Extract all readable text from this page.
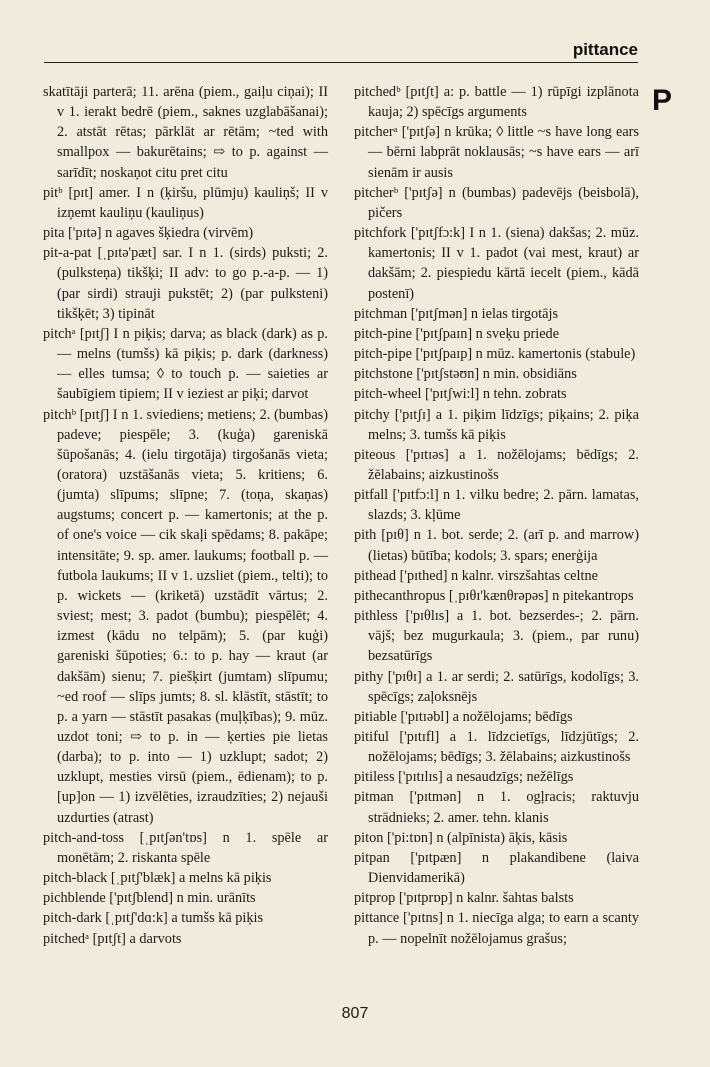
pittance
P
skatītāji parterā; 11. arēna (piem., gaiļu ciņai); II v 1. ierakt bedrē (piem., saknes uzglabāšanai); 2. atstāt rētas; pārklāt ar rētām; ~ted with smallpox — bakurētains; ⇨ to p. against — sarīdīt; noskaņot citu pret citu
pitᵇ [pɪt] amer. I n (ķiršu, plūmju) kauliņš; II v izņemt kauliņu (kauliņus)
pita ['pɪtə] n agaves šķiedra (virvēm)
pit-a-pat [ˌpɪtə'pæt] sar. I n 1. (sirds) puksti; 2. (pulksteņa) tikšķi; II adv: to go p.-a-p. — 1) (par sirdi) strauji pukstēt; 2) (par pulksteni) tikšķēt; 3) tipināt
pitchᵃ [pɪtʃ] I n piķis; darva; as black (dark) as p. — melns (tumšs) kā piķis; p. dark (darkness) — elles tumsa; ◊ to touch p. — saieties ar šaubīgiem tipiem; II v ieziest ar piķi; darvot
pitchᵇ [pɪtʃ] I n 1. sviediens; metiens; 2. (bumbas) padeve; piespēle; 3. (kuģa) gareniskā šūpošanās; 4. (ielu tirgotāja) tirgošanās vieta; (oratora) uzstāšanās vieta; 5. kritiens; 6. (jumta) slīpums; slīpne; 7. (toņa, skaņas) augstums; concert p. — kamertonis; at the p. of one's voice — cik skaļi spēdams; 8. pakāpe; intensitāte; 9. sp. amer. laukums; football p. — futbola laukums; II v 1. uzsliet (piem., telti); to p. wickets — (kriketā) uzstādīt vārtus; 2. sviest; mest; 3. padot (bumbu); piespēlēt; 4. izmest (kādu no telpām); 5. (par kuģi) gareniski šūpoties; 6.: to p. hay — kraut (ar dakšām) sienu; 7. piešķirt (jumtam) slīpumu; ~ed roof — slīps jumts; 8. sl. klāstīt, stāstīt; to p. a yarn — stāstīt pasakas (muļķības); 9. mūz. uzdot toni; ⇨ to p. in — ķerties pie lietas (darba); to p. into — 1) uzklupt; sadot; 2) uzklupt, mesties virsū (piem., ēdienam); to p. [up]on — 1) izvēlēties, izraudzīties; 2) nejauši uzdurties (atrast)
pitch-and-toss [ˌpɪtʃən'tɒs] n 1. spēle ar monētām; 2. riskanta spēle
pitch-black [ˌpɪtʃ'blæk] a melns kā piķis
pichblende ['pɪtʃblend] n min. urānīts
pitch-dark [ˌpɪtʃ'dɑ:k] a tumšs kā piķis
pitchedᵃ [pɪtʃt] a darvots
pitchedᵇ [pɪtʃt] a: p. battle — 1) rūpīgi izplānota kauja; 2) spēcīgs arguments
pitcherᵃ ['pɪtʃə] n krūka; ◊ little ~s have long ears — bērni labprāt noklausās; ~s have ears — arī sienām ir ausis
pitcherᵇ ['pɪtʃə] n (bumbas) padevējs (beisbolā), pičers
pitchfork ['pɪtʃfɔ:k] I n 1. (siena) dakšas; 2. mūz. kamertonis; II v 1. padot (vai mest, kraut) ar dakšām; 2. piespiedu kārtā iecelt (piem., kādā postenī)
pitchman ['pɪtʃmən] n ielas tirgotājs
pitch-pine ['pɪtʃpaɪn] n sveķu priede
pitch-pipe ['pɪtʃpaɪp] n mūz. kamertonis (stabule)
pitchstone ['pɪtʃstəʊn] n min. obsidiāns
pitch-wheel ['pɪtʃwi:l] n tehn. zobrats
pitchy ['pɪtʃɪ] a 1. piķim līdzīgs; piķains; 2. piķa melns; 3. tumšs kā piķis
piteous ['pɪtɪəs] a 1. nožēlojams; bēdīgs; 2. žēlabains; aizkustinošs
pitfall ['pɪtfɔ:l] n 1. vilku bedre; 2. pārn. lamatas, slazds; 3. kļūme
pith [pɪθ] n 1. bot. serde; 2. (arī p. and marrow) (lietas) būtība; kodols; 3. spars; enerģija
pithead ['pɪthed] n kalnr. virszšahtas celtne
pithecanthropus [ˌpɪθɪ'kænθrəpəs] n pitekantrops
pithless ['pɪθlɪs] a 1. bot. bezserdes-; 2. pārn. vājš; bez mugurkaula; 3. (piem., par runu) bezsatūrīgs
pithy ['pɪθɪ] a 1. ar serdi; 2. satūrīgs, kodolīgs; 3. spēcīgs; zaļoksnējs
pitiable ['pɪtɪəbl] a nožēlojams; bēdīgs
pitiful ['pɪtɪfl] a 1. līdzcietīgs, līdzjūtīgs; 2. nožēlojams; bēdīgs; 3. žēlabains; aizkustinošs
pitiless ['pɪtɪlɪs] a nesaudzīgs; nežēlīgs
pitman ['pɪtmən] n 1. ogļracis; raktuvju strādnieks; 2. amer. tehn. klanis
piton ['pi:tɒn] n (alpīnista) āķis, kāsis
pitpan ['pɪtpæn] n plakandibene (laiva Dienvidamerikā)
pitprop ['pɪtprɒp] n kalnr. šahtas balsts
pittance ['pɪtns] n 1. niecīga alga; to earn a scanty p. — nopelnīt nožēlojamus grašus;
807
